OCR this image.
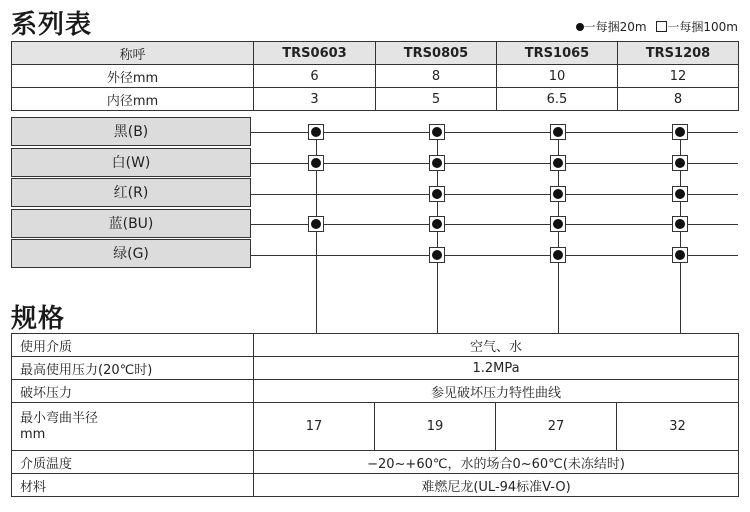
系列表	一每捆20m 一每捆100m
称呼	TRS0603	TRS0805	TRS1065	TRS1208
外径mm	6	8	10	12
内径mm	3	5	6.5	8
黑(B)
白(W)
红(R)
蓝(BU)
绿(G)
规格
使用介质	空气、水			
最高使用压力(20℃时)	1.2MPa			
破坏压力	参见破坏压力特性曲线			
最小弯曲半径
mm	17	19	27	32
介质温度	−20~+60℃，水的场合0~60℃(未冻结时)			
材料	难燃尼龙(UL-94标准V-O)			
